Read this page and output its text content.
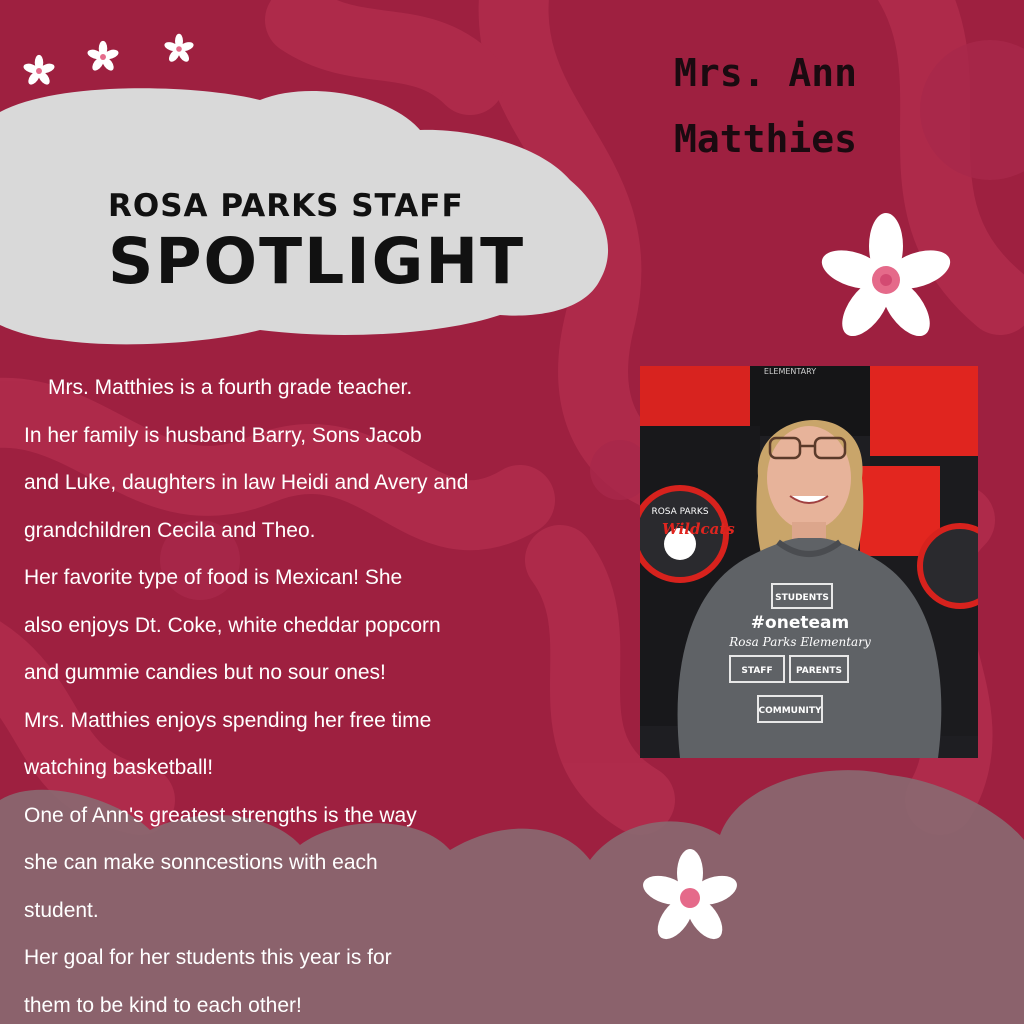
ROSA PARKS STAFF
SPOTLIGHT
Mrs. Ann
Matthies

Mrs. Matthies is a fourth grade teacher.

In her family is husband Barry, Sons Jacob

and Luke, daughters in law Heidi and Avery and

grandchildren Cecila and Theo.

Her favorite type of food is Mexican! She

also enjoys Dt. Coke, white cheddar popcorn

and gummie candies but no sour ones!

Mrs. Matthies enjoys spending her free time

watching basketball!

One of Ann's greatest strengths is the way

she can make sonncestions with each

student.

Her goal for her students this year is for

them to be kind to each other!

ROSA PARKS
Wildcats
ELEMENTARY
STUDENTS
#oneteam
Rosa Parks Elementary
STAFF	PARENTS
COMMUNITY
